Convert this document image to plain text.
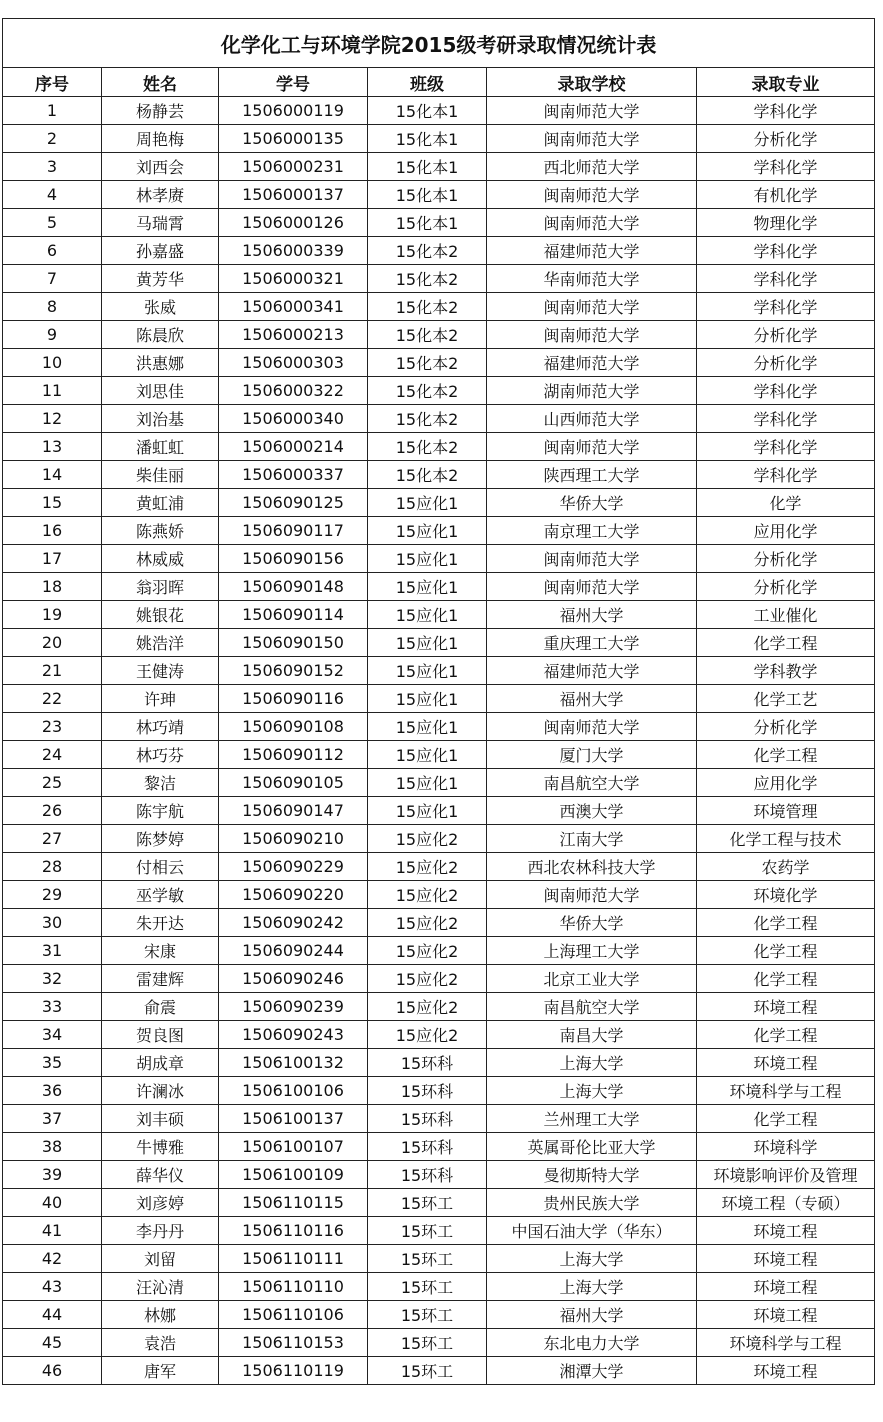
化学化工与环境学院2015级考研录取情况统计表					
序号	姓名	学号	班级	录取学校	录取专业
1	杨静芸	1506000119	15化本1	闽南师范大学	学科化学
2	周艳梅	1506000135	15化本1	闽南师范大学	分析化学
3	刘西会	1506000231	15化本1	西北师范大学	学科化学
4	林孝赓	1506000137	15化本1	闽南师范大学	有机化学
5	马瑞霄	1506000126	15化本1	闽南师范大学	物理化学
6	孙嘉盛	1506000339	15化本2	福建师范大学	学科化学
7	黄芳华	1506000321	15化本2	华南师范大学	学科化学
8	张威	1506000341	15化本2	闽南师范大学	学科化学
9	陈晨欣	1506000213	15化本2	闽南师范大学	分析化学
10	洪惠娜	1506000303	15化本2	福建师范大学	分析化学
11	刘思佳	1506000322	15化本2	湖南师范大学	学科化学
12	刘治基	1506000340	15化本2	山西师范大学	学科化学
13	潘虹虹	1506000214	15化本2	闽南师范大学	学科化学
14	柴佳丽	1506000337	15化本2	陕西理工大学	学科化学
15	黄虹浦	1506090125	15应化1	华侨大学	化学
16	陈燕娇	1506090117	15应化1	南京理工大学	应用化学
17	林威威	1506090156	15应化1	闽南师范大学	分析化学
18	翁羽晖	1506090148	15应化1	闽南师范大学	分析化学
19	姚银花	1506090114	15应化1	福州大学	工业催化
20	姚浩洋	1506090150	15应化1	重庆理工大学	化学工程
21	王健涛	1506090152	15应化1	福建师范大学	学科教学
22	许珅	1506090116	15应化1	福州大学	化学工艺
23	林巧靖	1506090108	15应化1	闽南师范大学	分析化学
24	林巧芬	1506090112	15应化1	厦门大学	化学工程
25	黎洁	1506090105	15应化1	南昌航空大学	应用化学
26	陈宇航	1506090147	15应化1	西澳大学	环境管理
27	陈梦婷	1506090210	15应化2	江南大学	化学工程与技术
28	付相云	1506090229	15应化2	西北农林科技大学	农药学
29	巫学敏	1506090220	15应化2	闽南师范大学	环境化学
30	朱开达	1506090242	15应化2	华侨大学	化学工程
31	宋康	1506090244	15应化2	上海理工大学	化学工程
32	雷建辉	1506090246	15应化2	北京工业大学	化学工程
33	俞震	1506090239	15应化2	南昌航空大学	环境工程
34	贺良图	1506090243	15应化2	南昌大学	化学工程
35	胡成章	1506100132	15环科	上海大学	环境工程
36	许澜冰	1506100106	15环科	上海大学	环境科学与工程
37	刘丰硕	1506100137	15环科	兰州理工大学	化学工程
38	牛博雅	1506100107	15环科	英属哥伦比亚大学	环境科学
39	薛华仪	1506100109	15环科	曼彻斯特大学	环境影响评价及管理
40	刘彦婷	1506110115	15环工	贵州民族大学	环境工程（专硕）
41	李丹丹	1506110116	15环工	中国石油大学（华东）	环境工程
42	刘留	1506110111	15环工	上海大学	环境工程
43	汪沁清	1506110110	15环工	上海大学	环境工程
44	林娜	1506110106	15环工	福州大学	环境工程
45	袁浩	1506110153	15环工	东北电力大学	环境科学与工程
46	唐军	1506110119	15环工	湘潭大学	环境工程
